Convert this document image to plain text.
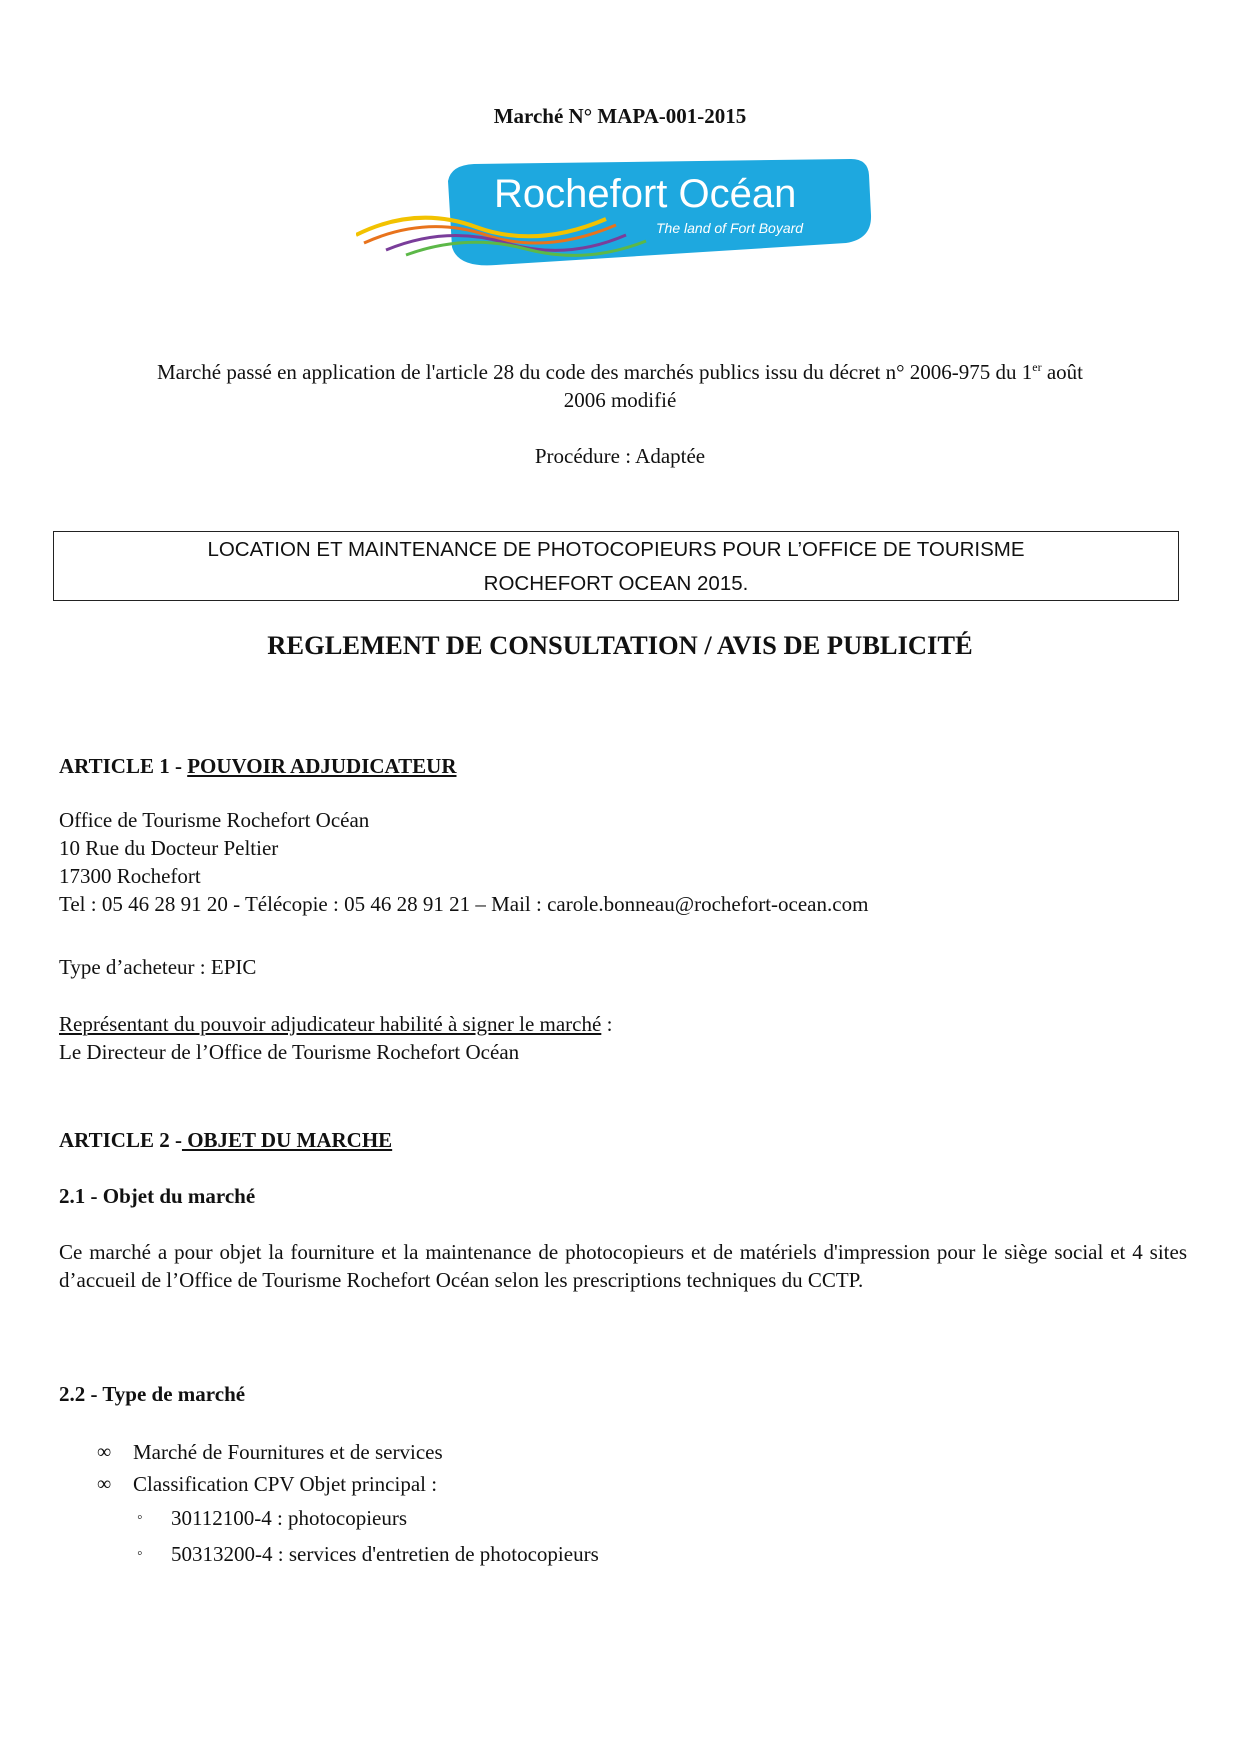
Marché N° MAPA-001-2015
Rochefort Océan
The land of Fort Boyard
Marché passé en application de l'article 28 du code des marchés publics issu du décret n° 2006-975 du 1er août
2006 modifié
Procédure : Adaptée
LOCATION ET MAINTENANCE DE PHOTOCOPIEURS POUR L’OFFICE DE TOURISME
ROCHEFORT OCEAN 2015.
REGLEMENT DE CONSULTATION / AVIS DE PUBLICITÉ
ARTICLE 1 - POUVOIR ADJUDICATEUR
Office de Tourisme Rochefort Océan
10 Rue du Docteur Peltier
17300 Rochefort
Tel : 05 46 28 91 20 - Télécopie : 05 46 28 91 21 – Mail : carole.bonneau@rochefort-ocean.com
Type d’acheteur : EPIC
Représentant du pouvoir adjudicateur habilité à signer le marché :
Le Directeur de l’Office de Tourisme Rochefort Océan
ARTICLE 2 - OBJET DU MARCHE
2.1 - Objet du marché
Ce marché a pour objet la fourniture et la maintenance de photocopieurs et de matériels d'impression pour le siège social et 4 sites d’accueil de l’Office de Tourisme Rochefort Océan selon les prescriptions techniques du CCTP.
2.2 - Type de marché
∞ Marché de Fournitures et de services
∞ Classification CPV Objet principal :
◦ 30112100-4 : photocopieurs
◦ 50313200-4 : services d'entretien de photocopieurs
